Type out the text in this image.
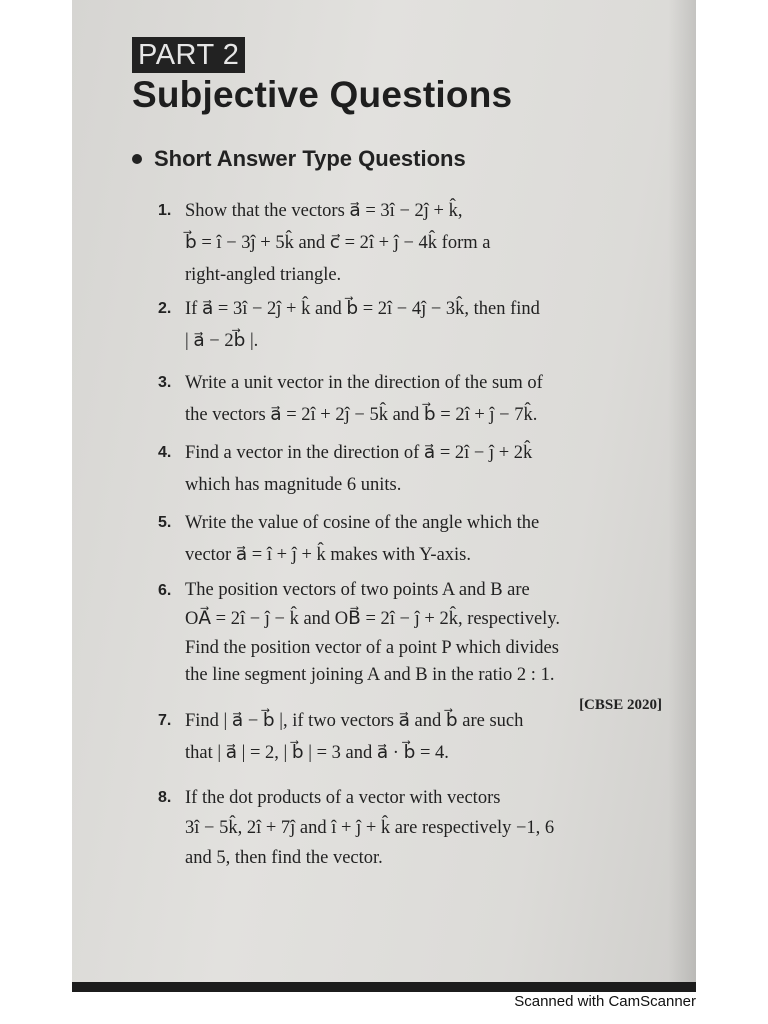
PART 2
Subjective Questions
Short Answer Type Questions
1. Show that the vectors a⃗ = 3î − 2ĵ + k̂,
b⃗ = î − 3ĵ + 5k̂ and c⃗ = 2î + ĵ − 4k̂ form a
right-angled triangle.
2. If a⃗ = 3î − 2ĵ + k̂ and b⃗ = 2î − 4ĵ − 3k̂, then find
| a⃗ − 2b⃗ |.
3. Write a unit vector in the direction of the sum of
the vectors a⃗ = 2î + 2ĵ − 5k̂ and b⃗ = 2î + ĵ − 7k̂.
4. Find a vector in the direction of a⃗ = 2î − ĵ + 2k̂
which has magnitude 6 units.
5. Write the value of cosine of the angle which the
vector a⃗ = î + ĵ + k̂ makes with Y-axis.
6. The position vectors of two points A and B are
OA⃗ = 2î − ĵ − k̂ and OB⃗ = 2î − ĵ + 2k̂, respectively.
Find the position vector of a point P which divides
the line segment joining A and B in the ratio 2 : 1.
7. Find | a⃗ − b⃗ |, if two vectors a⃗ and b⃗ are such
that | a⃗ | = 2, | b⃗ | = 3 and a⃗ · b⃗ = 4.
8. If the dot products of a vector with vectors
3î − 5k̂, 2î + 7ĵ and î + ĵ + k̂ are respectively −1, 6
and 5, then find the vector.
[CBSE 2020]
Scanned with CamScanner
